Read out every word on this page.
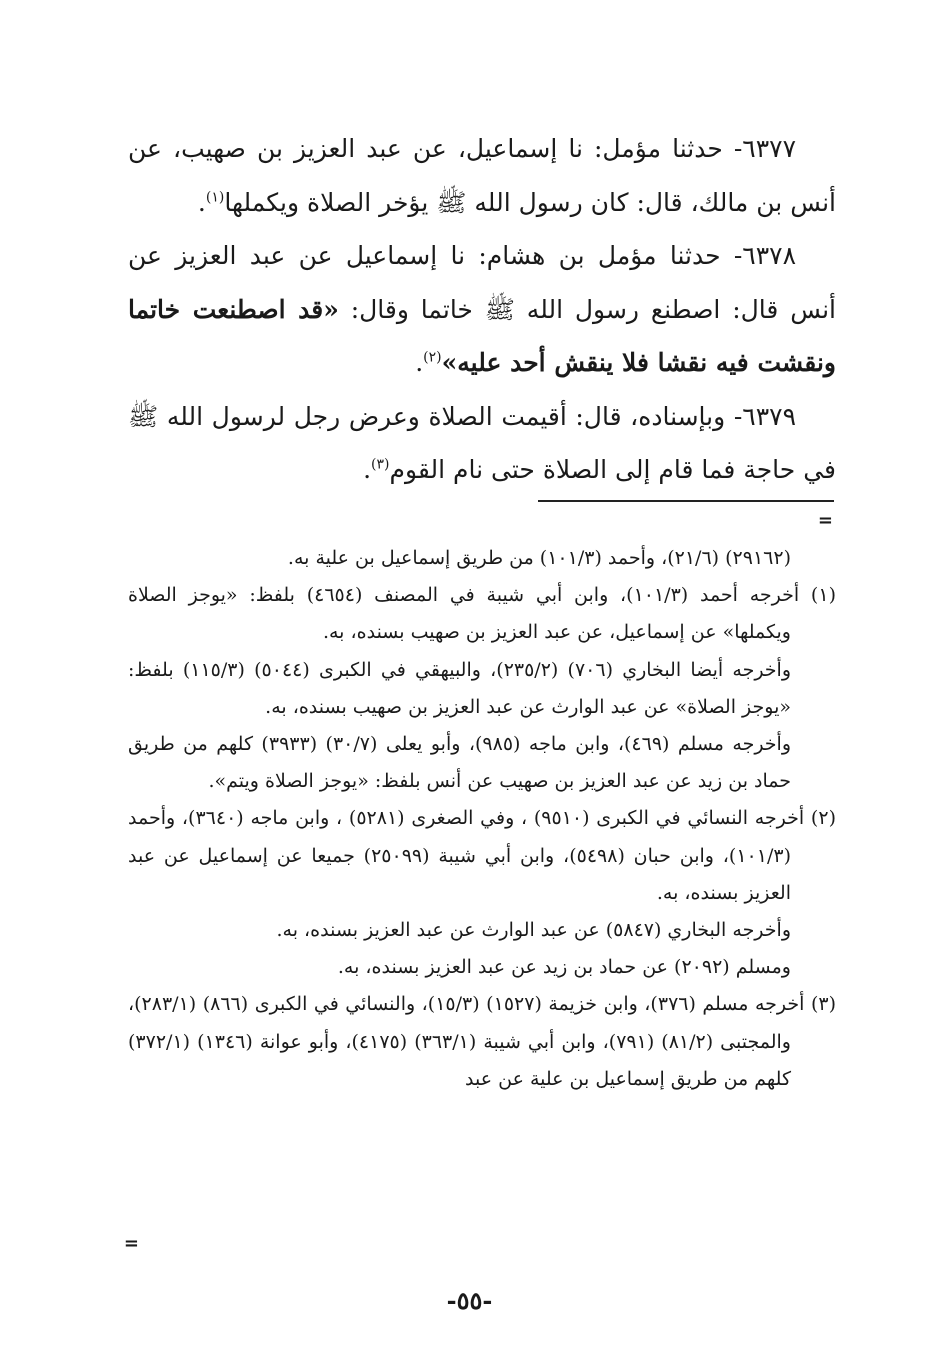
٦٣٧٧- حدثنا مؤمل: نا إسماعيل، عن عبد العزيز بن صهيب، عن أنس بن مالك، قال: كان رسول الله ﷺ يؤخر الصلاة ويكملها$^{(١)}$.

٦٣٧٨- حدثنا مؤمل بن هشام: نا إسماعيل عن عبد العزيز عن أنس قال: اصطنع رسول الله ﷺ خاتما وقال: «قد اصطنعت خاتما ونقشت فيه نقشا فلا ينقش أحد عليه»$^{(٢)}$.

٦٣٧٩- وبإسناده، قال: أقيمت الصلاة وعرض رجل لرسول الله ﷺ في حاجة فما قام إلى الصلاة حتى نام القوم$^{(٣)}$.

=

(٢٩١٦٢) (٢١/٦)، وأحمد (١٠١/٣) من طريق إسماعيل بن علية به.

(١) أخرجه أحمد (١٠١/٣)، وابن أبي شيبة في المصنف (٤٦٥٤) بلفظ: «يوجز الصلاة ويكملها» عن إسماعيل، عن عبد العزيز بن صهيب بسنده، به.

وأخرجه أيضا البخاري (٧٠٦) (٢٣٥/٢)، والبيهقي في الكبرى (٥٠٤٤) (١١٥/٣) بلفظ: «يوجز الصلاة» عن عبد الوارث عن عبد العزيز بن صهيب بسنده، به.

وأخرجه مسلم (٤٦٩)، وابن ماجه (٩٨٥)، وأبو يعلى (٣٠/٧) (٣٩٣٣) كلهم من طريق حماد بن زيد عن عبد العزيز بن صهيب عن أنس بلفظ: «يوجز الصلاة ويتم».

(٢) أخرجه النسائي في الكبرى (٩٥١٠) ، وفي الصغرى (٥٢٨١) ، وابن ماجه (٣٦٤٠)، وأحمد (١٠١/٣)، وابن حبان (٥٤٩٨)، وابن أبي شيبة (٢٥٠٩٩) جميعا عن إسماعيل عن عبد العزيز بسنده، به.

وأخرجه البخاري (٥٨٤٧) عن عبد الوارث عن عبد العزيز بسنده، به.

ومسلم (٢٠٩٢) عن حماد بن زيد عن عبد العزيز بسنده، به.

(٣) أخرجه مسلم (٣٧٦)، وابن خزيمة (١٥٢٧) (١٥/٣)، والنسائي في الكبرى (٨٦٦) (٢٨٣/١)، والمجتبى (٨١/٢) (٧٩١)، وابن أبي شيبة (٣٦٣/١) (٤١٧٥)، وأبو عوانة (١٣٤٦) (٣٧٢/١) كلهم من طريق إسماعيل بن علية عن عبد

=
-٥٥-
